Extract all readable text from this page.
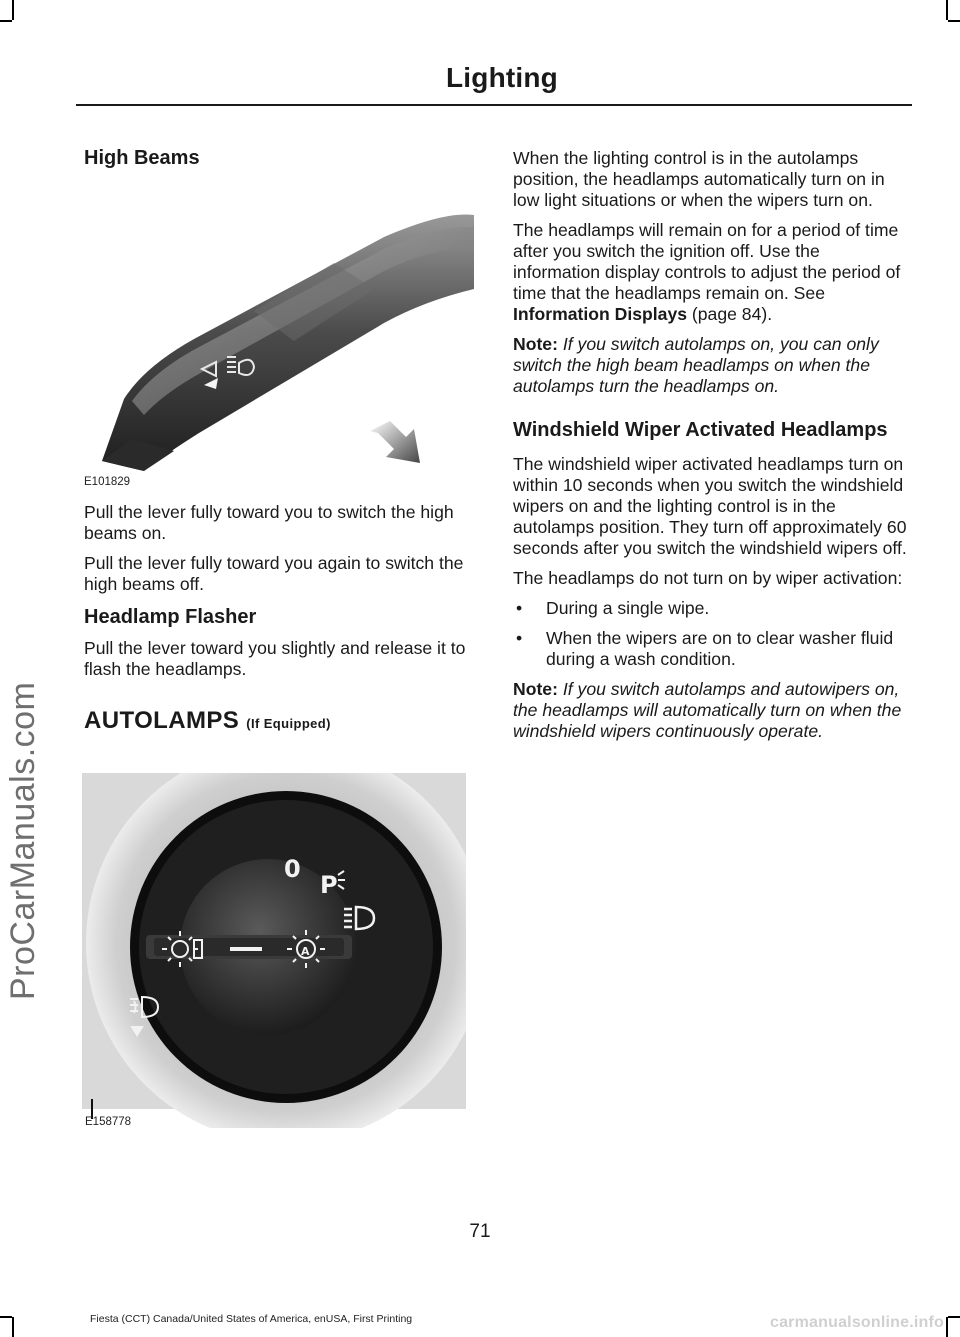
Lighting
ProCarManuals.com
High Beams
E101829

Pull the lever fully toward you to switch the high beams on.

Pull the lever fully toward you again to switch the high beams off.

Headlamp Flasher

Pull the lever toward you slightly and release it to flash the headlamps.

AUTOLAMPS (If Equipped)
0
P
A
E158778

When the lighting control is in the autolamps position, the headlamps automatically turn on in low light situations or when the wipers turn on.

The headlamps will remain on for a period of time after you switch the ignition off. Use the information display controls to adjust the period of time that the headlamps remain on. See Information Displays (page 84).

Note: If you switch autolamps on, you can only switch the high beam headlamps on when the autolamps turn the headlamps on.

Windshield Wiper Activated Headlamps

The windshield wiper activated headlamps turn on within 10 seconds when you switch the windshield wipers on and the lighting control is in the autolamps position. They turn off approximately 60 seconds after you switch the windshield wipers off.

The headlamps do not turn on by wiper activation:

• During a single wipe.
• When the wipers are on to clear washer fluid during a wash condition.

Note: If you switch autolamps and autowipers on, the headlamps will automatically turn on when the windshield wipers continuously operate.

71
Fiesta (CCT) Canada/United States of America, enUSA, First Printing	carmanualsonline.info
